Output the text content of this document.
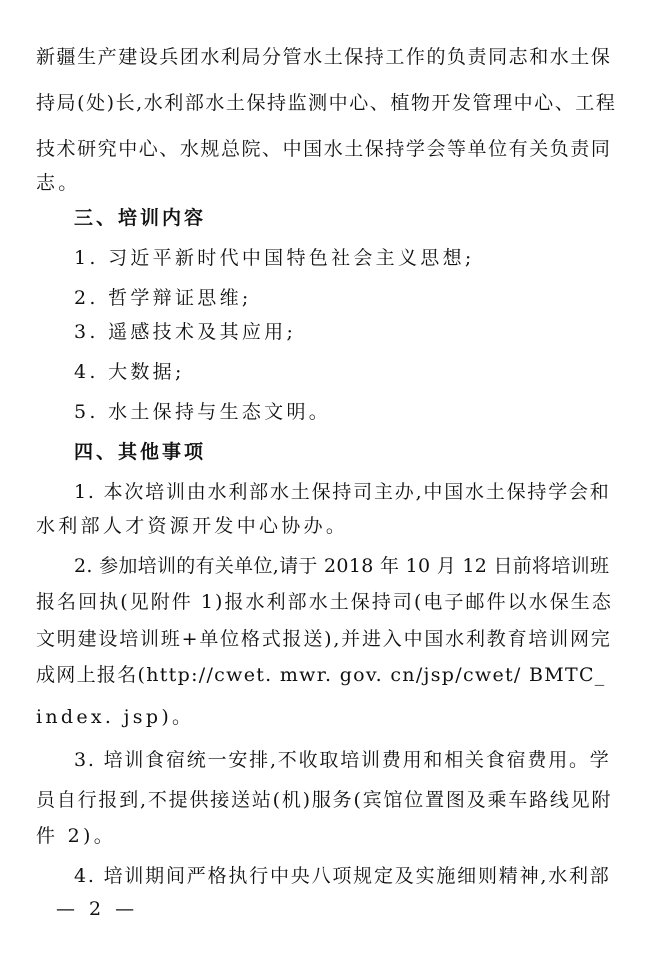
新疆生产建设兵团水利局分管水土保持工作的负责同志和水土保
持局(处)长,水利部水土保持监测中心、植物开发管理中心、工程
技术研究中心、水规总院、中国水土保持学会等单位有关负责同
志。
三、培训内容
1. 习近平新时代中国特色社会主义思想;
2. 哲学辩证思维;
3. 遥感技术及其应用;
4. 大数据;
5. 水土保持与生态文明。
四、其他事项
1. 本次培训由水利部水土保持司主办,中国水土保持学会和
水利部人才资源开发中心协办。
2. 参加培训的有关单位,请于 2018 年 10 月 12 日前将培训班
报名回执(见附件 1)报水利部水土保持司(电子邮件以水保生态
文明建设培训班+单位格式报送),并进入中国水利教育培训网完
成网上报名(http://cwet. mwr. gov. cn/jsp/cwet/ BMTC_
index. jsp)。
3. 培训食宿统一安排,不收取培训费用和相关食宿费用。学
员自行报到,不提供接送站(机)服务(宾馆位置图及乘车路线见附
件 2)。
4. 培训期间严格执行中央八项规定及实施细则精神,水利部
— 2 —
